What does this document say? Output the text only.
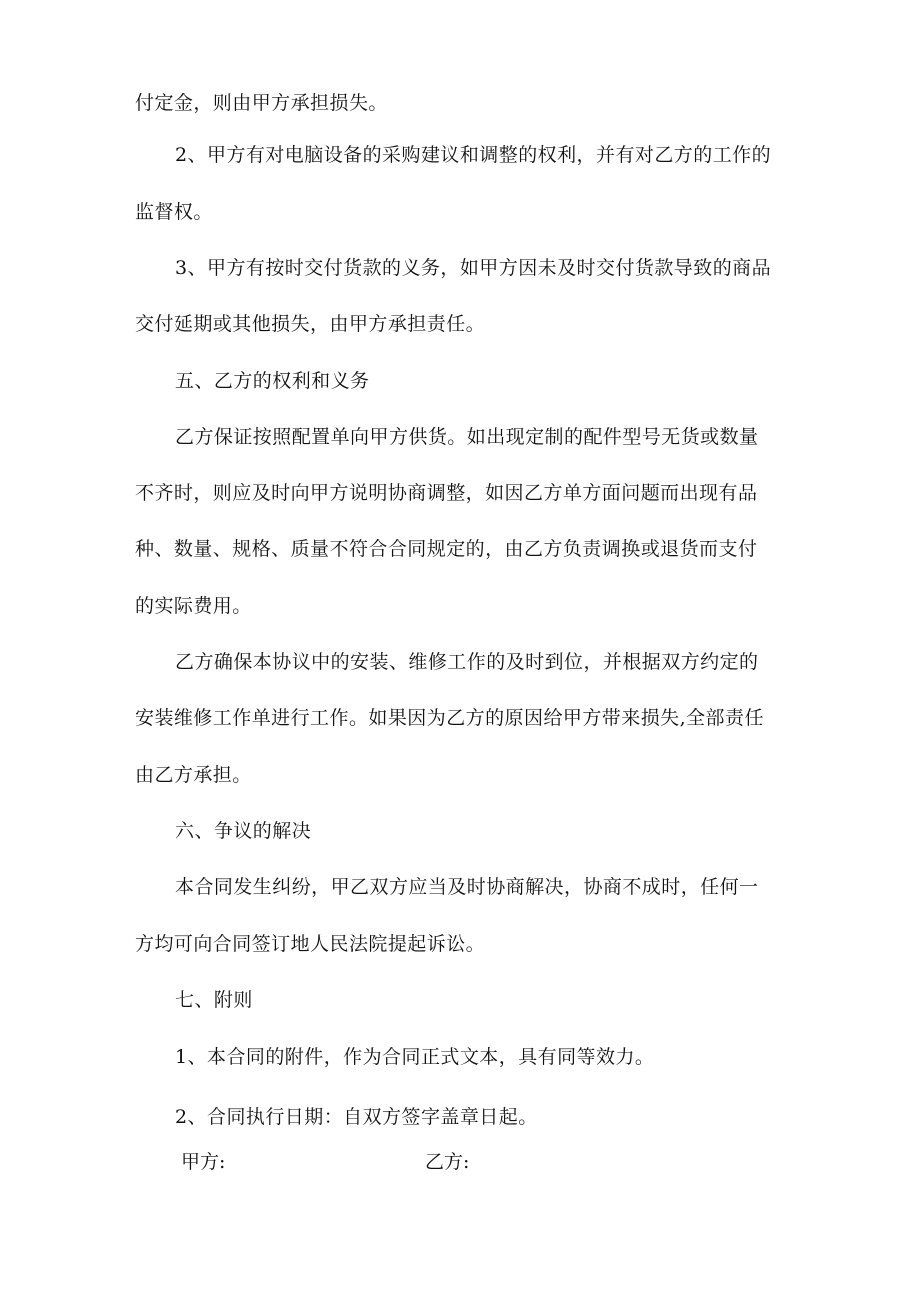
付定金，则由甲方承担损失。
2、甲方有对电脑设备的采购建议和调整的权利，并有对乙方的工作的
监督权。
3、甲方有按时交付货款的义务，如甲方因未及时交付货款导致的商品
交付延期或其他损失，由甲方承担责任。
五、乙方的权利和义务
乙方保证按照配置单向甲方供货。如出现定制的配件型号无货或数量
不齐时，则应及时向甲方说明协商调整，如因乙方单方面问题而出现有品
种、数量、规格、质量不符合合同规定的，由乙方负责调换或退货而支付
的实际费用。
乙方确保本协议中的安装、维修工作的及时到位，并根据双方约定的
安装维修工作单进行工作。如果因为乙方的原因给甲方带来损失,全部责任
由乙方承担。
六、争议的解决
本合同发生纠纷，甲乙双方应当及时协商解决，协商不成时，任何一
方均可向合同签订地人民法院提起诉讼。
七、附则
1、本合同的附件，作为合同正式文本，具有同等效力。
2、合同执行日期：自双方签字盖章日起。
甲方:	乙方:
